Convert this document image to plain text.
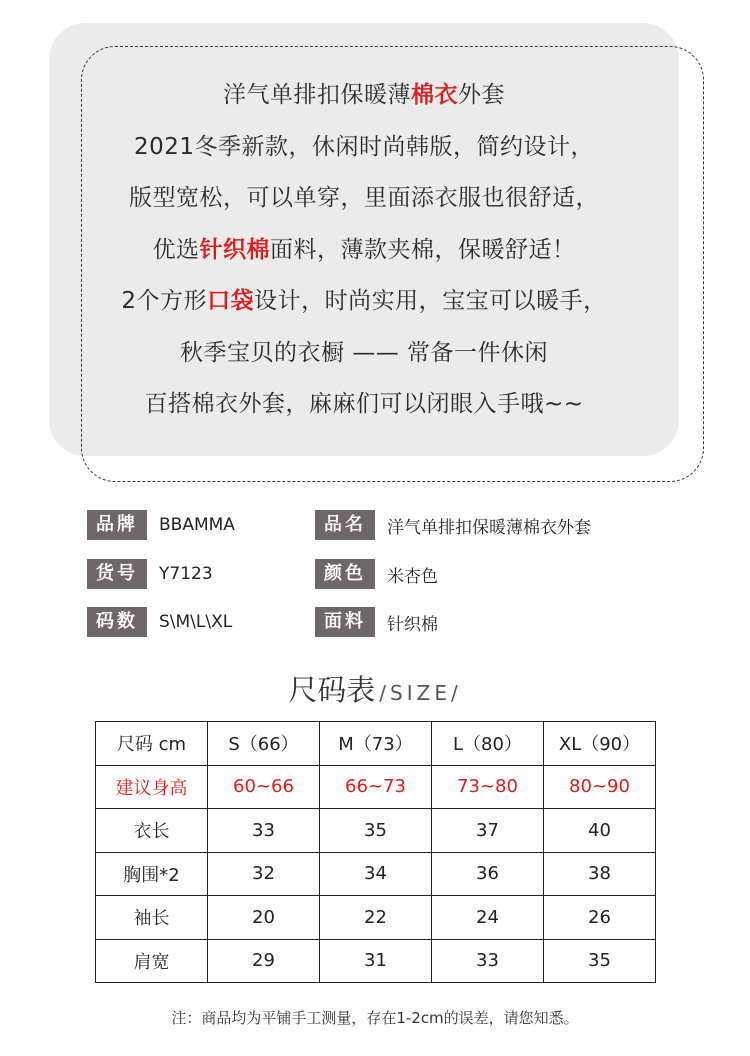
洋气单排扣保暖薄棉衣外套
2021冬季新款，休闲时尚韩版，简约设计，
版型宽松，可以单穿，里面添衣服也很舒适，
优选针织棉面料，薄款夹棉，保暖舒适！
2个方形口袋设计，时尚实用，宝宝可以暖手，
秋季宝贝的衣橱 —— 常备一件休闲
百搭棉衣外套，麻麻们可以闭眼入手哦~~
品牌	BBAMMA
货号	Y7123
码数	S\M\L\XL
品名	洋气单排扣保暖薄棉衣外套
颜色	米杏色
面料	针织棉
尺码表 /SIZE/
尺码 cm	S（66）	M（73）	L（80）	XL（90）
建议身高	60~66	66~73	73~80	80~90
衣长	33	35	37	40
胸围*2	32	34	36	38
袖长	20	22	24	26
肩宽	29	31	33	35
注：商品均为平铺手工测量，存在1-2cm的误差，请您知悉。
